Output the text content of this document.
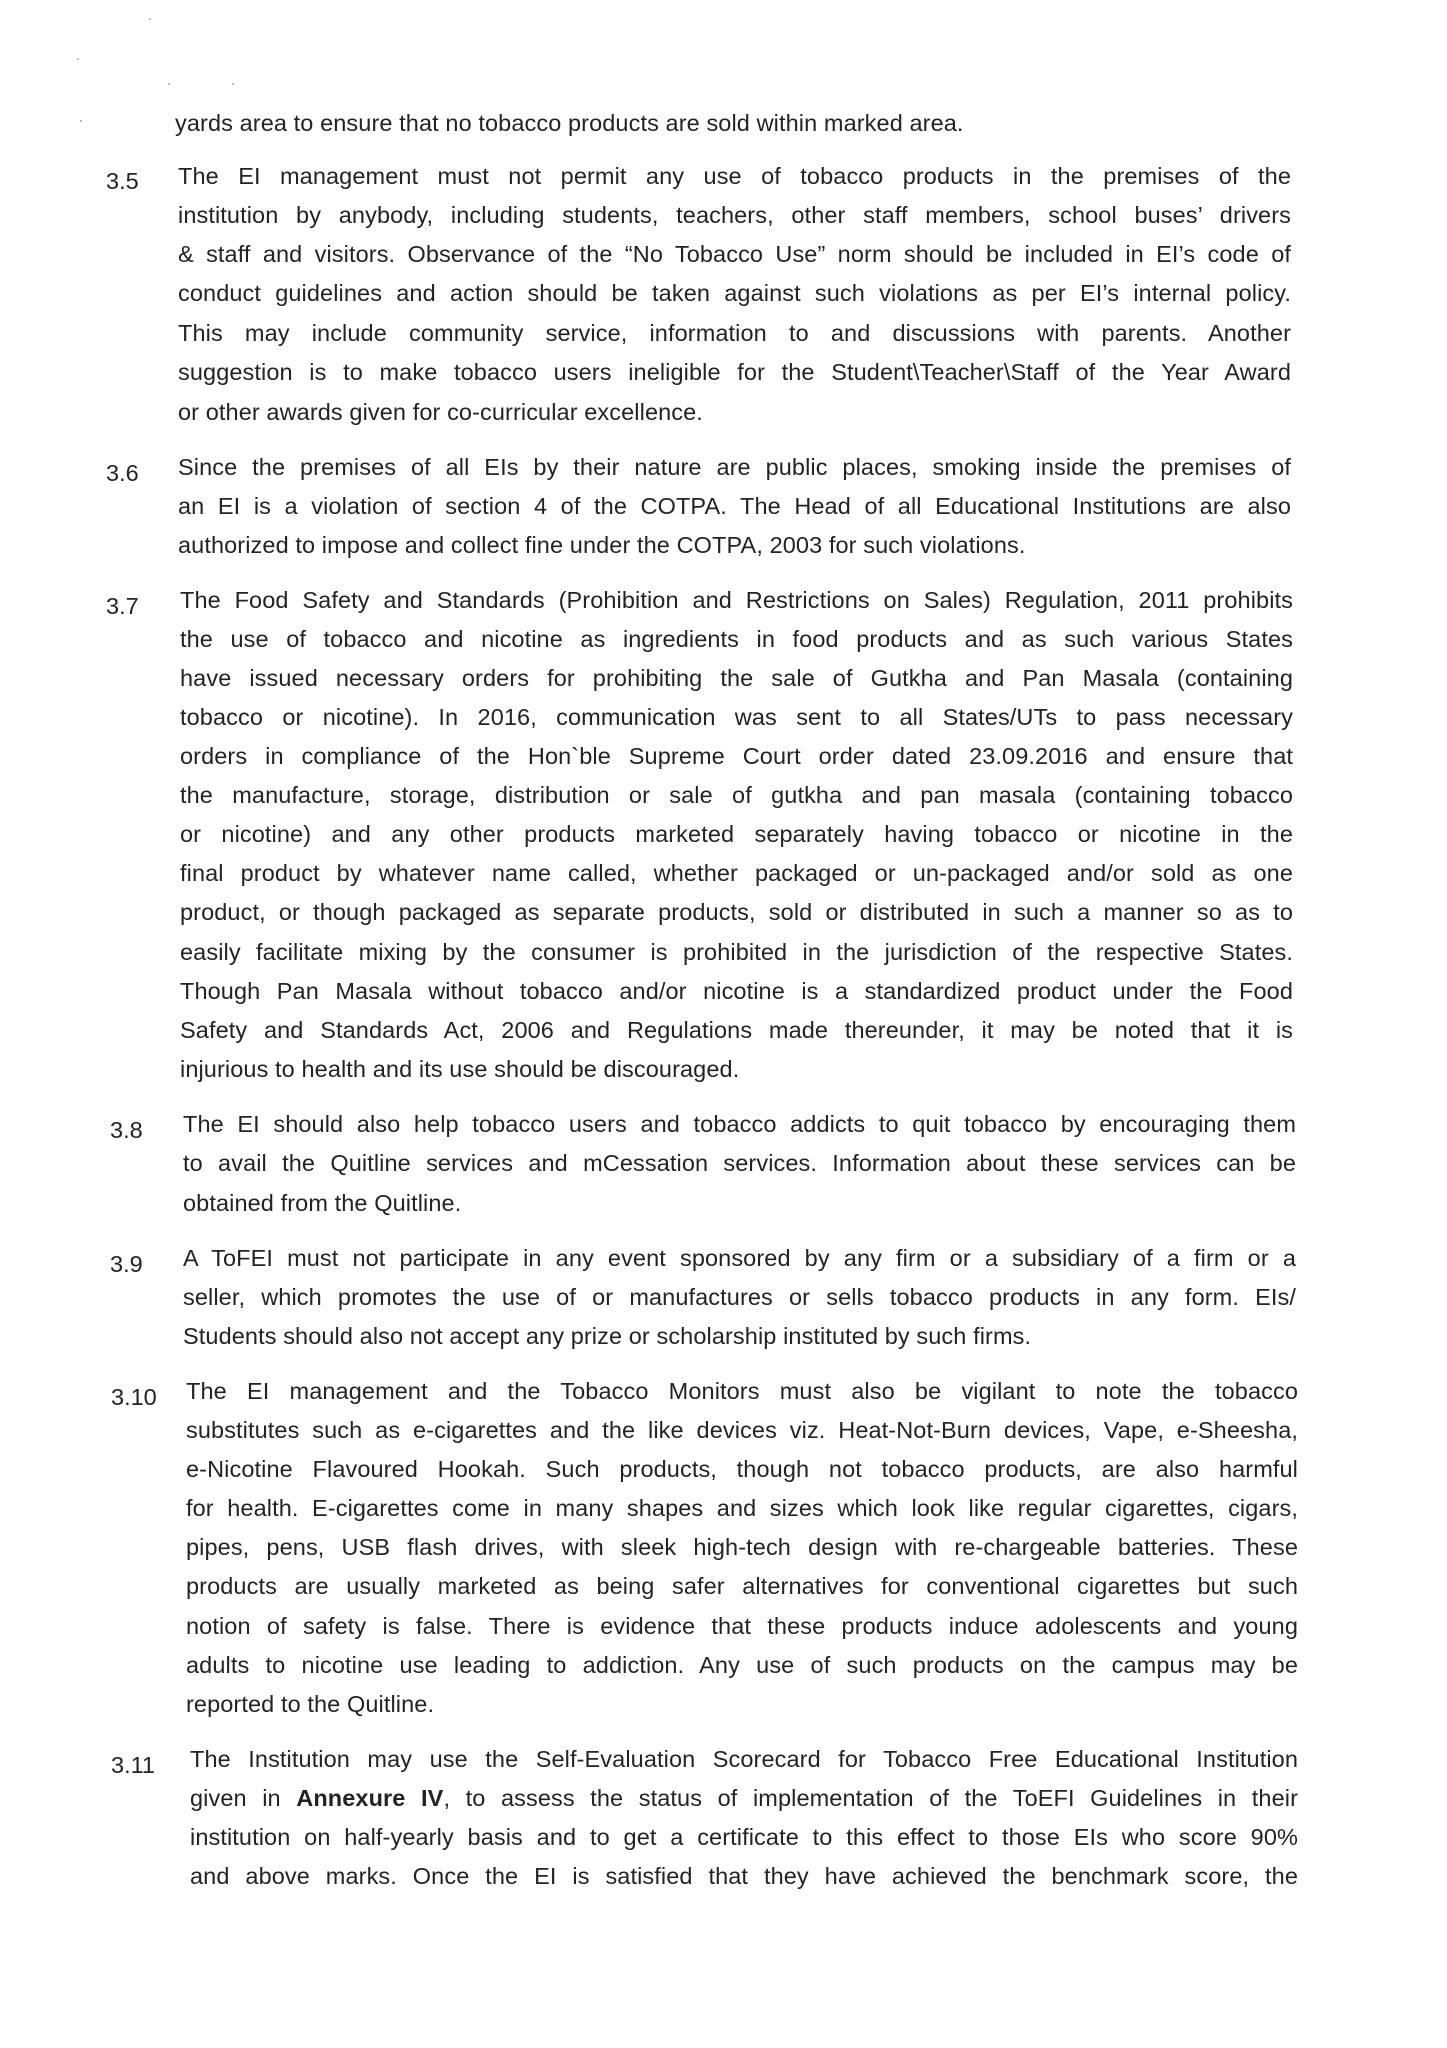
yards area to ensure that no tobacco products are sold within marked area.
3.5 The EI management must not permit any use of tobacco products in the premises of the
institution by anybody, including students, teachers, other staff members, school buses’ drivers
& staff and visitors. Observance of the “No Tobacco Use” norm should be included in EI’s code of
conduct guidelines and action should be taken against such violations as per EI’s internal policy.
This may include community service, information to and discussions with parents. Another
suggestion is to make tobacco users ineligible for the Student\Teacher\Staff of the Year Award
or other awards given for co-curricular excellence.
3.6 Since the premises of all EIs by their nature are public places, smoking inside the premises of
an EI is a violation of section 4 of the COTPA. The Head of all Educational Institutions are also
authorized to impose and collect fine under the COTPA, 2003 for such violations.
3.7 The Food Safety and Standards (Prohibition and Restrictions on Sales) Regulation, 2011 prohibits
the use of tobacco and nicotine as ingredients in food products and as such various States
have issued necessary orders for prohibiting the sale of Gutkha and Pan Masala (containing
tobacco or nicotine). In 2016, communication was sent to all States/UTs to pass necessary
orders in compliance of the Hon`ble Supreme Court order dated 23.09.2016 and ensure that
the manufacture, storage, distribution or sale of gutkha and pan masala (containing tobacco
or nicotine) and any other products marketed separately having tobacco or nicotine in the
final product by whatever name called, whether packaged or un-packaged and/or sold as one
product, or though packaged as separate products, sold or distributed in such a manner so as to
easily facilitate mixing by the consumer is prohibited in the jurisdiction of the respective States.
Though Pan Masala without tobacco and/or nicotine is a standardized product under the Food
Safety and Standards Act, 2006 and Regulations made thereunder, it may be noted that it is
injurious to health and its use should be discouraged.
3.8 The EI should also help tobacco users and tobacco addicts to quit tobacco by encouraging them
to avail the Quitline services and mCessation services. Information about these services can be
obtained from the Quitline.
3.9 A ToFEI must not participate in any event sponsored by any firm or a subsidiary of a firm or a
seller, which promotes the use of or manufactures or sells tobacco products in any form. EIs/
Students should also not accept any prize or scholarship instituted by such firms.
3.10 The EI management and the Tobacco Monitors must also be vigilant to note the tobacco
substitutes such as e-cigarettes and the like devices viz. Heat-Not-Burn devices, Vape, e-Sheesha,
e-Nicotine Flavoured Hookah. Such products, though not tobacco products, are also harmful
for health. E-cigarettes come in many shapes and sizes which look like regular cigarettes, cigars,
pipes, pens, USB flash drives, with sleek high-tech design with re-chargeable batteries. These
products are usually marketed as being safer alternatives for conventional cigarettes but such
notion of safety is false. There is evidence that these products induce adolescents and young
adults to nicotine use leading to addiction. Any use of such products on the campus may be
reported to the Quitline.
3.11 The Institution may use the Self-Evaluation Scorecard for Tobacco Free Educational Institution
given in Annexure IV, to assess the status of implementation of the ToEFI Guidelines in their
institution on half-yearly basis and to get a certificate to this effect to those EIs who score 90%
and above marks. Once the EI is satisfied that they have achieved the benchmark score, the
